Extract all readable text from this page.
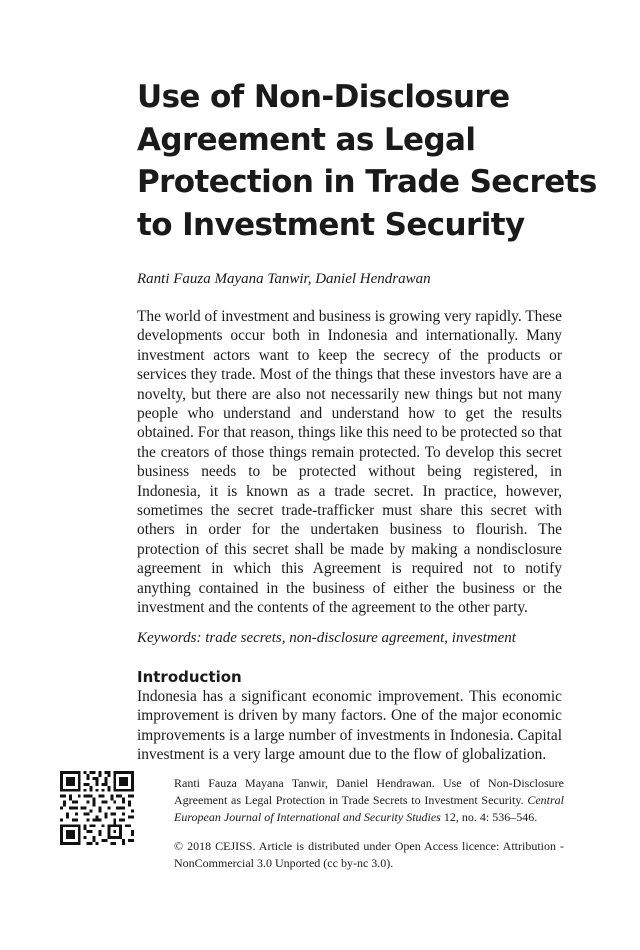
Use of Non-Disclosure
Agreement as Legal
Protection in Trade Secrets
to Investment Security

Ranti Fauza Mayana Tanwir, Daniel Hendrawan

The world of investment and business is growing very rapidly. These developments occur both in Indonesia and internationally. Many investment actors want to keep the secrecy of the products or services they trade. Most of the things that these investors have are a novelty, but there are also not necessarily new things but not many people who understand and understand how to get the results obtained. For that reason, things like this need to be protected so that the creators of those things remain protected. To develop this secret business needs to be protected without being registered, in Indonesia, it is known as a trade secret. In practice, however, sometimes the secret trade-trafficker must share this secret with others in order for the undertaken business to flourish. The protection of this secret shall be made by making a nondisclosure agreement in which this Agreement is required not to notify anything contained in the business of either the business or the investment and the contents of the agreement to the other party.

Keywords: trade secrets, non-disclosure agreement, investment

Introduction

Indonesia has a significant economic improvement. This economic improvement is driven by many factors. One of the major economic improvements is a large number of investments in Indonesia. Capital investment is a very large amount due to the flow of globalization.

Ranti Fauza Mayana Tanwir, Daniel Hendrawan. Use of Non-Disclosure Agreement as Legal Protection in Trade Secrets to Investment Security. Central European Journal of International and Security Studies 12, no. 4: 536–546.

© 2018 CEJISS. Article is distributed under Open Access licence: Attribution - NonCommercial 3.0 Unported (cc by-nc 3.0).
